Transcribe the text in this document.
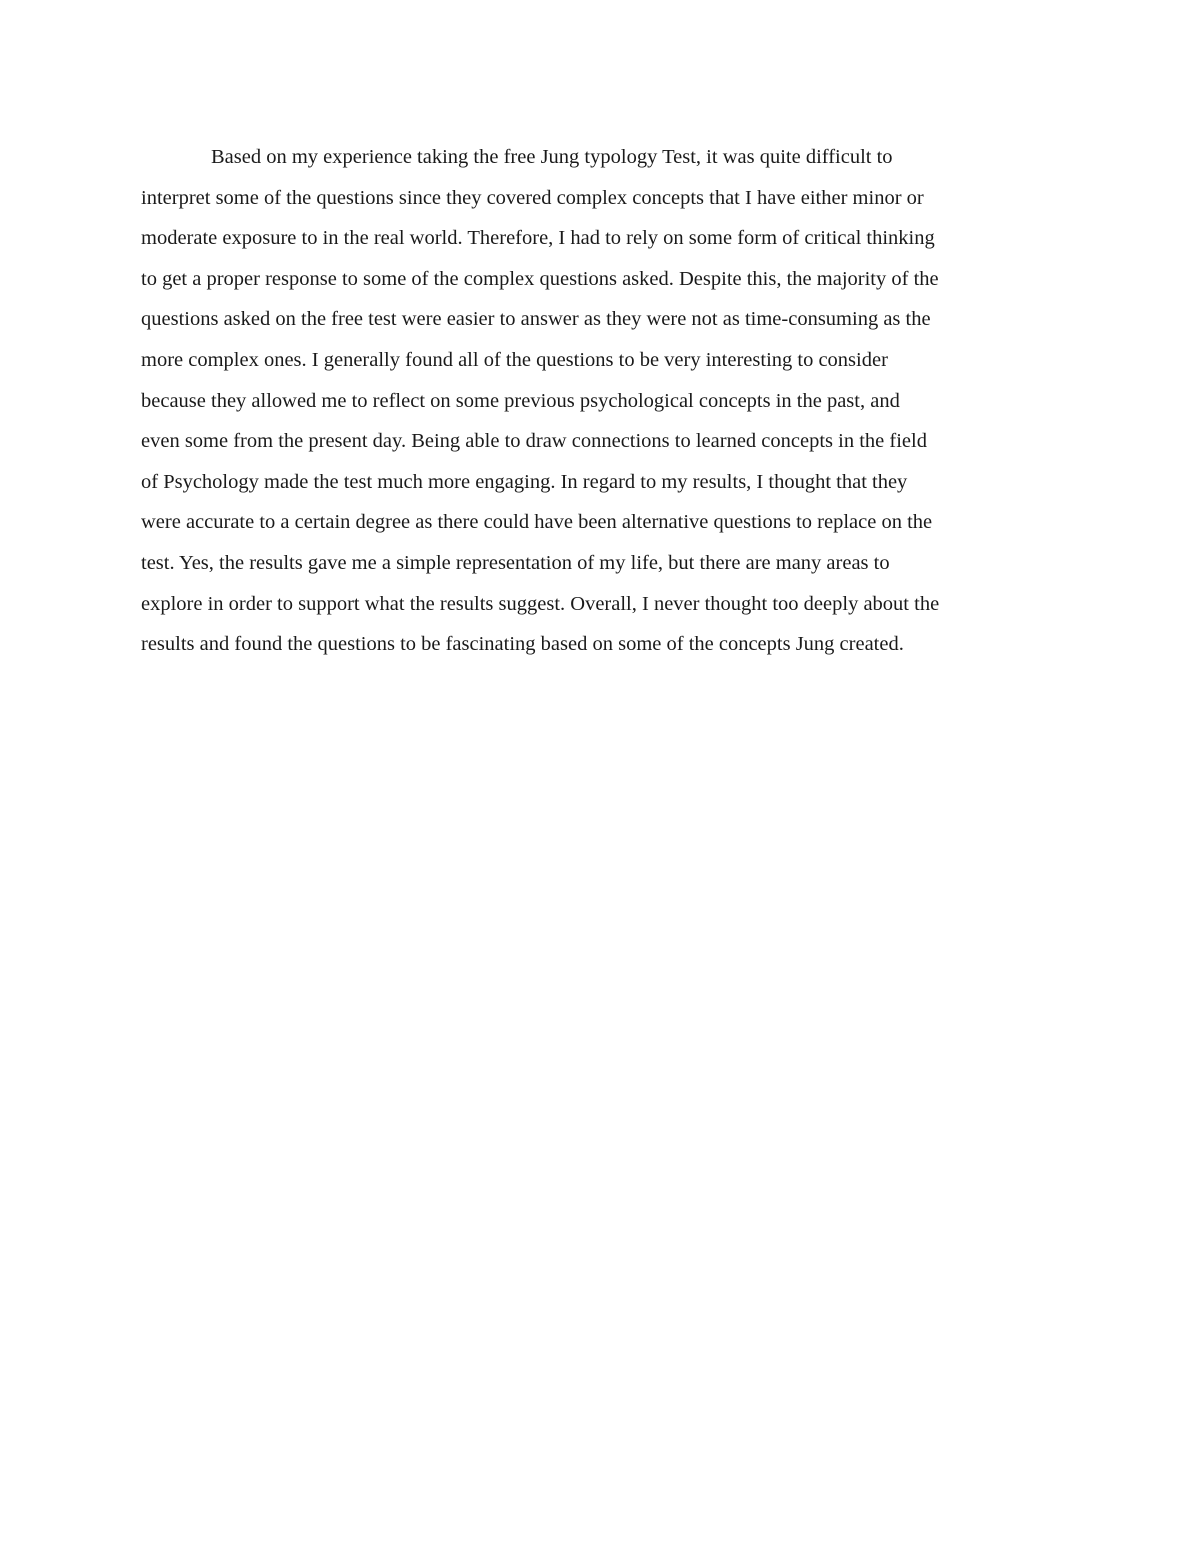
Based on my experience taking the free Jung typology Test, it was quite difficult to
interpret some of the questions since they covered complex concepts that I have either minor or
moderate exposure to in the real world. Therefore, I had to rely on some form of critical thinking
to get a proper response to some of the complex questions asked. Despite this, the majority of the
questions asked on the free test were easier to answer as they were not as time-consuming as the
more complex ones. I generally found all of the questions to be very interesting to consider
because they allowed me to reflect on some previous psychological concepts in the past, and
even some from the present day. Being able to draw connections to learned concepts in the field
of Psychology made the test much more engaging. In regard to my results, I thought that they
were accurate to a certain degree as there could have been alternative questions to replace on the
test. Yes, the results gave me a simple representation of my life, but there are many areas to
explore in order to support what the results suggest. Overall, I never thought too deeply about the
results and found the questions to be fascinating based on some of the concepts Jung created.
